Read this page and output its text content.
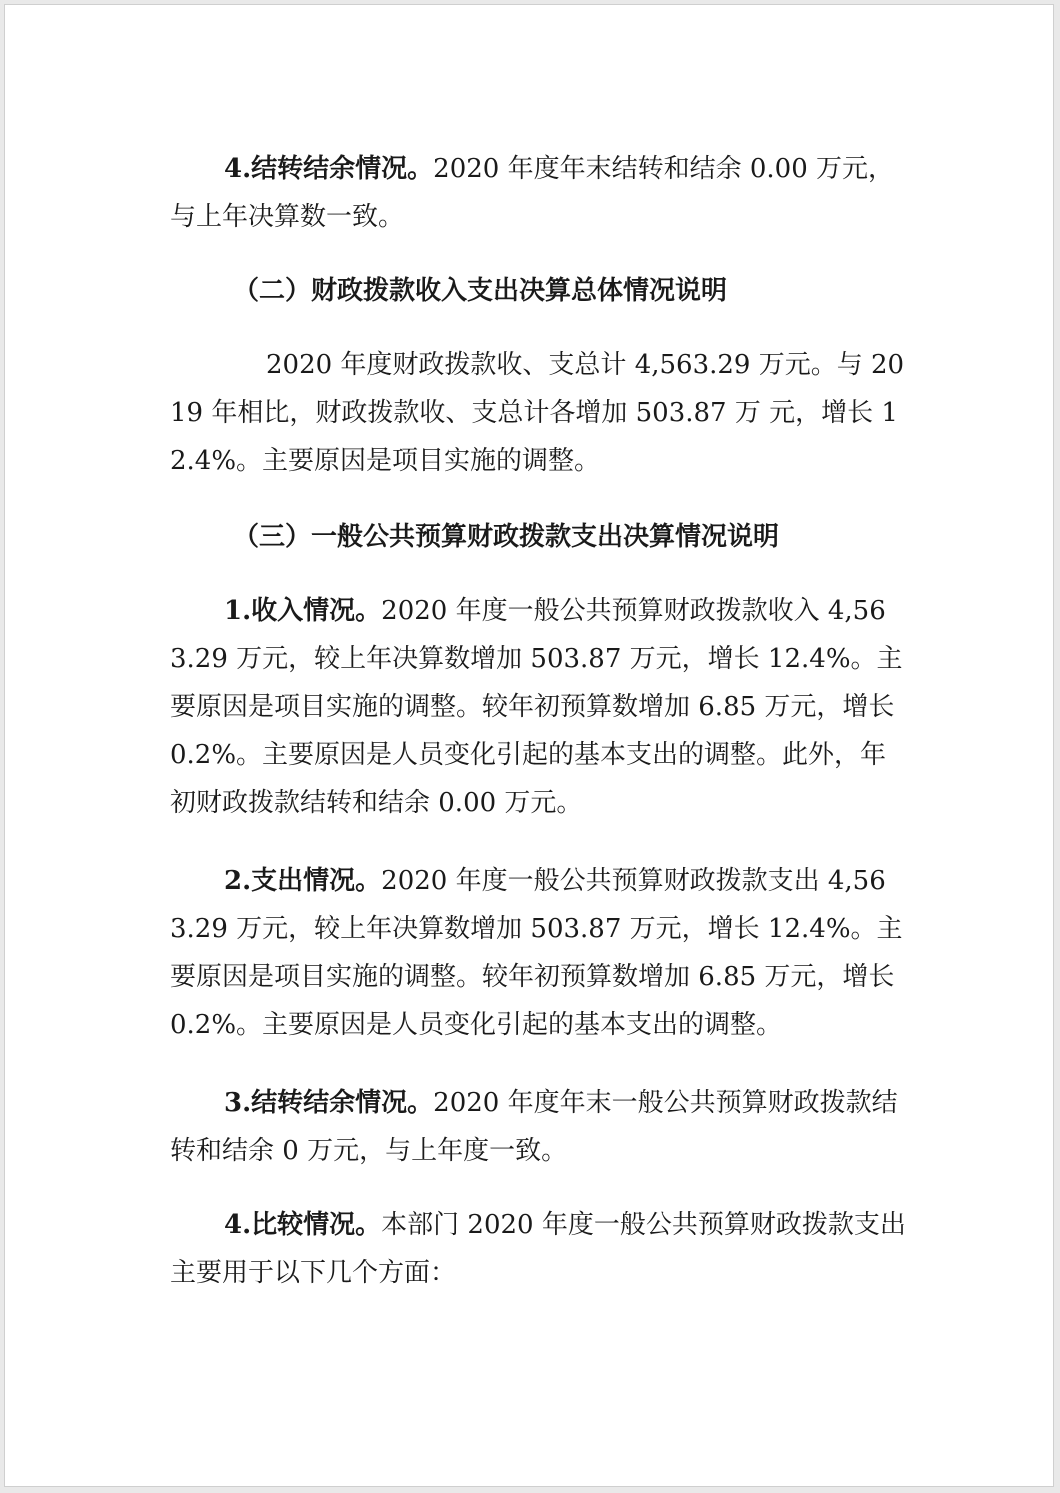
4.结转结余情况。2020 年度年末结转和结余 0.00 万元，与上年决算数一致。

（二）财政拨款收入支出决算总体情况说明

2020 年度财政拨款收、支总计 4,563.29 万元。与 2019 年相比，财政拨款收、支总计各增加 503.87 万 元，增长 12.4%。主要原因是项目实施的调整。

（三）一般公共预算财政拨款支出决算情况说明

1.收入情况。2020 年度一般公共预算财政拨款收入 4,563.29 万元，较上年决算数增加 503.87 万元，增长 12.4%。主要原因是项目实施的调整。较年初预算数增加 6.85 万元，增长 0.2%。主要原因是人员变化引起的基本支出的调整。此外，年初财政拨款结转和结余 0.00 万元。

2.支出情况。2020 年度一般公共预算财政拨款支出 4,563.29 万元，较上年决算数增加 503.87 万元，增长 12.4%。主要原因是项目实施的调整。较年初预算数增加 6.85 万元，增长 0.2%。主要原因是人员变化引起的基本支出的调整。

3.结转结余情况。2020 年度年末一般公共预算财政拨款结转和结余 0 万元，与上年度一致。

4.比较情况。本部门 2020 年度一般公共预算财政拨款支出主要用于以下几个方面：
